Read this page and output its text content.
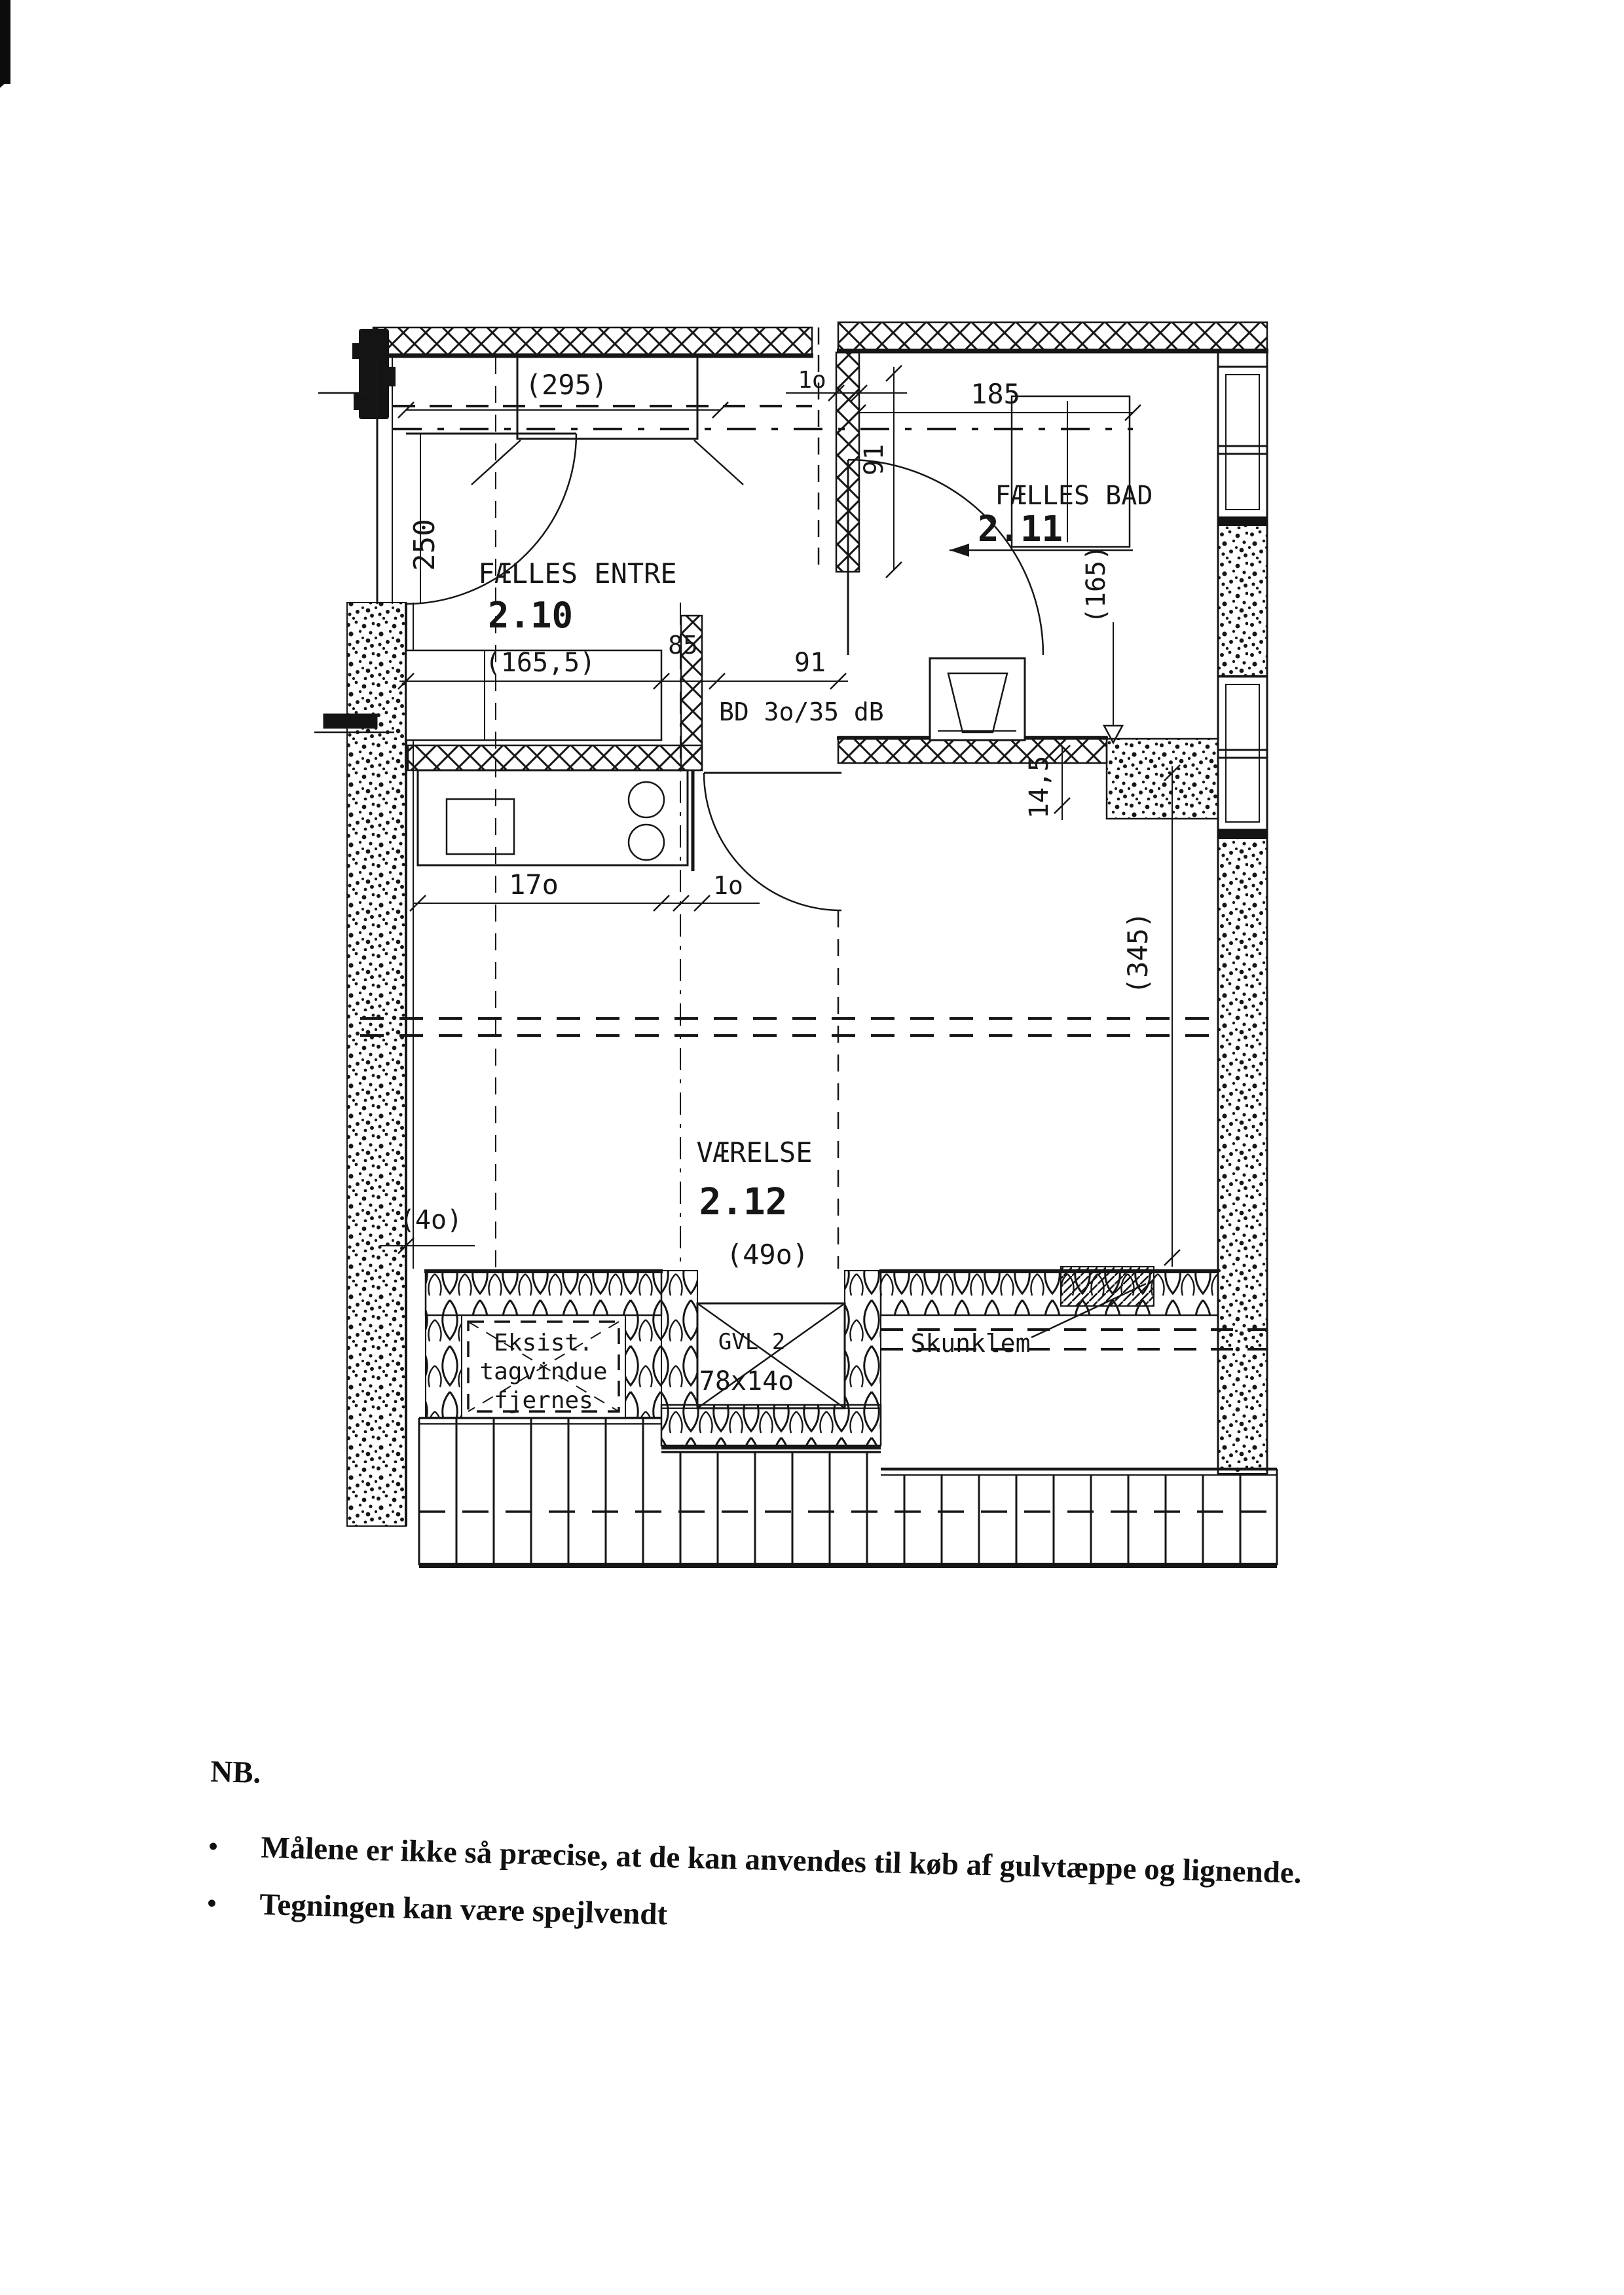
(295)
250
FÆLLES ENTRE
2.10
(165,5)
85
91
1o	185
91
FÆLLES BAD
2.11
(165)
BD 3o/35 dB
17o	1o
14,5
(345)
VÆRELSE
2.12
(49o)
(4o)
Eksist.
tagvindue
fjernes
GVL 2
78x14o
Skunklem

NB.

•	Målene er ikke så præcise, at de kan anvendes til køb af gulvtæppe og lignende.
•	Tegningen kan være spejlvendt
